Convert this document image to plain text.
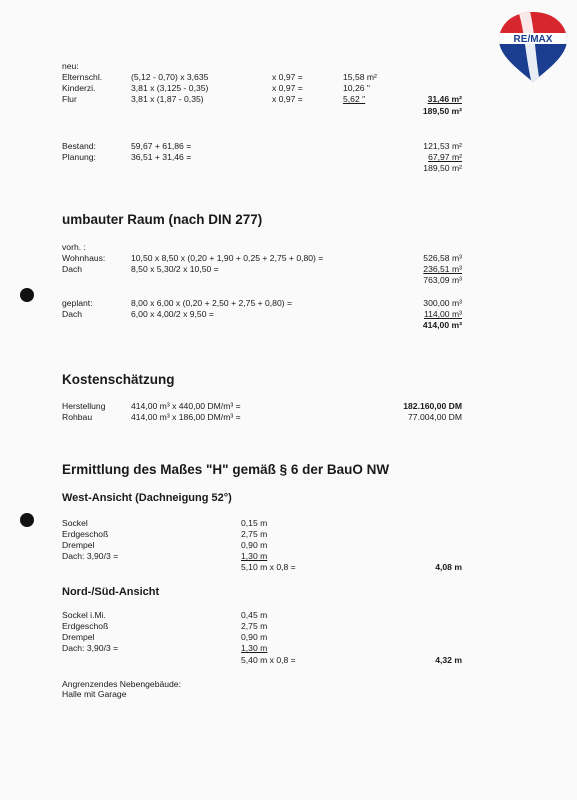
RE/MAX
neu:
Elternschl.	(5,12 - 0,70) x 3,635	x 0,97 =	15,58 m²
Kinderzi.	3,81 x (3,125 - 0,35)	x 0,97 =	10,26 "
Flur	3,81 x (1,87 - 0,35)	x 0,97 =	5,62 "	31,46 m²
189,50 m²
Bestand:	59,67 + 61,86 =	121,53 m²
Planung:	36,51 + 31,46 =	67,97 m²
189,50 m²
umbauter Raum (nach DIN 277)
vorh. :
Wohnhaus:	10,50 x 8,50 x (0,20 + 1,90 + 0,25 + 2,75 + 0,80) =	526,58 m³
Dach	8,50 x 5,30/2 x 10,50 =	236,51 m³
763,09 m³
geplant:	8,00 x 6,00 x (0,20 + 2,50 + 2,75 + 0,80) =	300,00 m³
Dach	6,00 x 4,00/2 x 9,50 =	114,00 m³
414,00 m³
Kostenschätzung
Herstellung	414,00 m³ x 440,00 DM/m³ =	182.160,00 DM
Rohbau	414,00 m³ x 186,00 DM/m³ =	77.004,00 DM
Ermittlung des Maßes "H" gemäß § 6 der BauO NW
West-Ansicht (Dachneigung 52°)
Sockel	0,15 m
Erdgeschoß	2,75 m
Drempel	0,90 m
Dach: 3,90/3 =	1,30 m
5,10 m x 0,8 =	4,08 m
Nord-/Süd-Ansicht
Sockel i.Mi.	0,45 m
Erdgeschoß	2,75 m
Drempel	0,90 m
Dach: 3,90/3 =	1,30 m
5,40 m x 0,8 =	4,32 m
Angrenzendes Nebengebäude:
Halle mit Garage
